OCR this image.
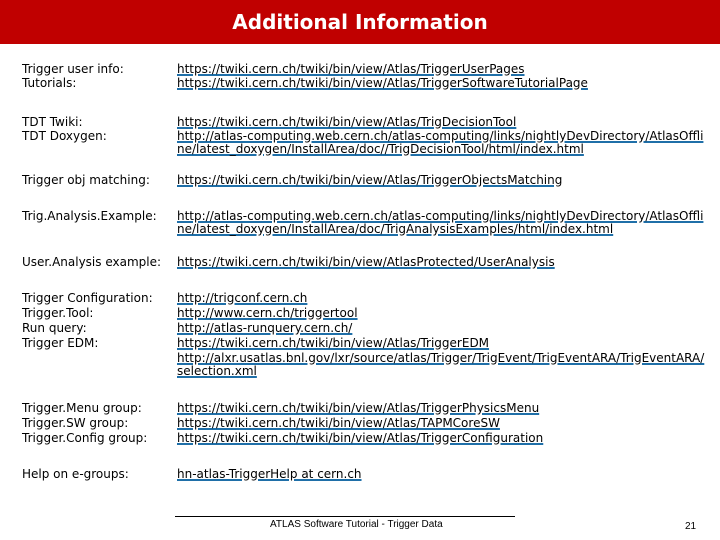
Additional Information
Trigger user info:
Tutorials:
https://twiki.cern.ch/twiki/bin/view/Atlas/TriggerUserPages
https://twiki.cern.ch/twiki/bin/view/Atlas/TriggerSoftwareTutorialPage
TDT Twiki:
TDT Doxygen:
Trigger obj matching:
https://twiki.cern.ch/twiki/bin/view/Atlas/TrigDecisionTool
http://atlas-computing.web.cern.ch/atlas-computing/links/nightlyDevDirectory/AtlasOffline/latest_doxygen/InstallArea/doc//TrigDecisionTool/html/index.html
https://twiki.cern.ch/twiki/bin/view/Atlas/TriggerObjectsMatching
Trig.Analysis.Example:
User.Analysis example:
http://atlas-computing.web.cern.ch/atlas-computing/links/nightlyDevDirectory/AtlasOffline/latest_doxygen/InstallArea/doc/TrigAnalysisExamples/html/index.html
https://twiki.cern.ch/twiki/bin/view/AtlasProtected/UserAnalysis
Trigger Configuration:
Trigger.Tool:
Run query:
Trigger EDM:
http://trigconf.cern.ch
http://www.cern.ch/triggertool
http://atlas-runquery.cern.ch/
https://twiki.cern.ch/twiki/bin/view/Atlas/TriggerEDM
http://alxr.usatlas.bnl.gov/lxr/source/atlas/Trigger/TrigEvent/TrigEventARA/TrigEventARA/selection.xml
Trigger.Menu group:
Trigger.SW group:
Trigger.Config group:
https://twiki.cern.ch/twiki/bin/view/Atlas/TriggerPhysicsMenu
https://twiki.cern.ch/twiki/bin/view/Atlas/TAPMCoreSW
https://twiki.cern.ch/twiki/bin/view/Atlas/TriggerConfiguration
Help on e-groups:	hn-atlas-TriggerHelp at cern.ch
ATLAS Software Tutorial - Trigger Data	21
